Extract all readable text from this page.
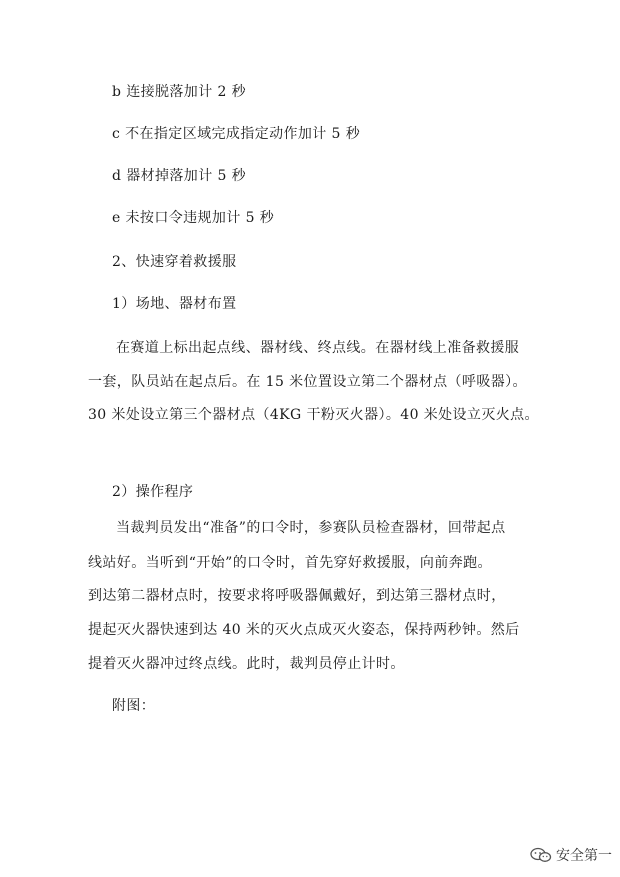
b 连接脱落加计 2 秒
c 不在指定区域完成指定动作加计 5 秒
d 器材掉落加计 5 秒
e 未按口令违规加计 5 秒
2、快速穿着救援服
1）场地、器材布置
在赛道上标出起点线、器材线、终点线。在器材线上准备救援服
一套，队员站在起点后。在 15 米位置设立第二个器材点（呼吸器）。
30 米处设立第三个器材点（4KG 干粉灭火器）。40 米处设立灭火点。
2）操作程序
当裁判员发出“准备”的口令时，参赛队员检查器材，回带起点
线站好。当听到“开始”的口令时，首先穿好救援服，向前奔跑。
到达第二器材点时，按要求将呼吸器佩戴好，到达第三器材点时，
提起灭火器快速到达 40 米的灭火点成灭火姿态，保持两秒钟。然后
提着灭火器冲过终点线。此时，裁判员停止计时。
附图：
安全第一
